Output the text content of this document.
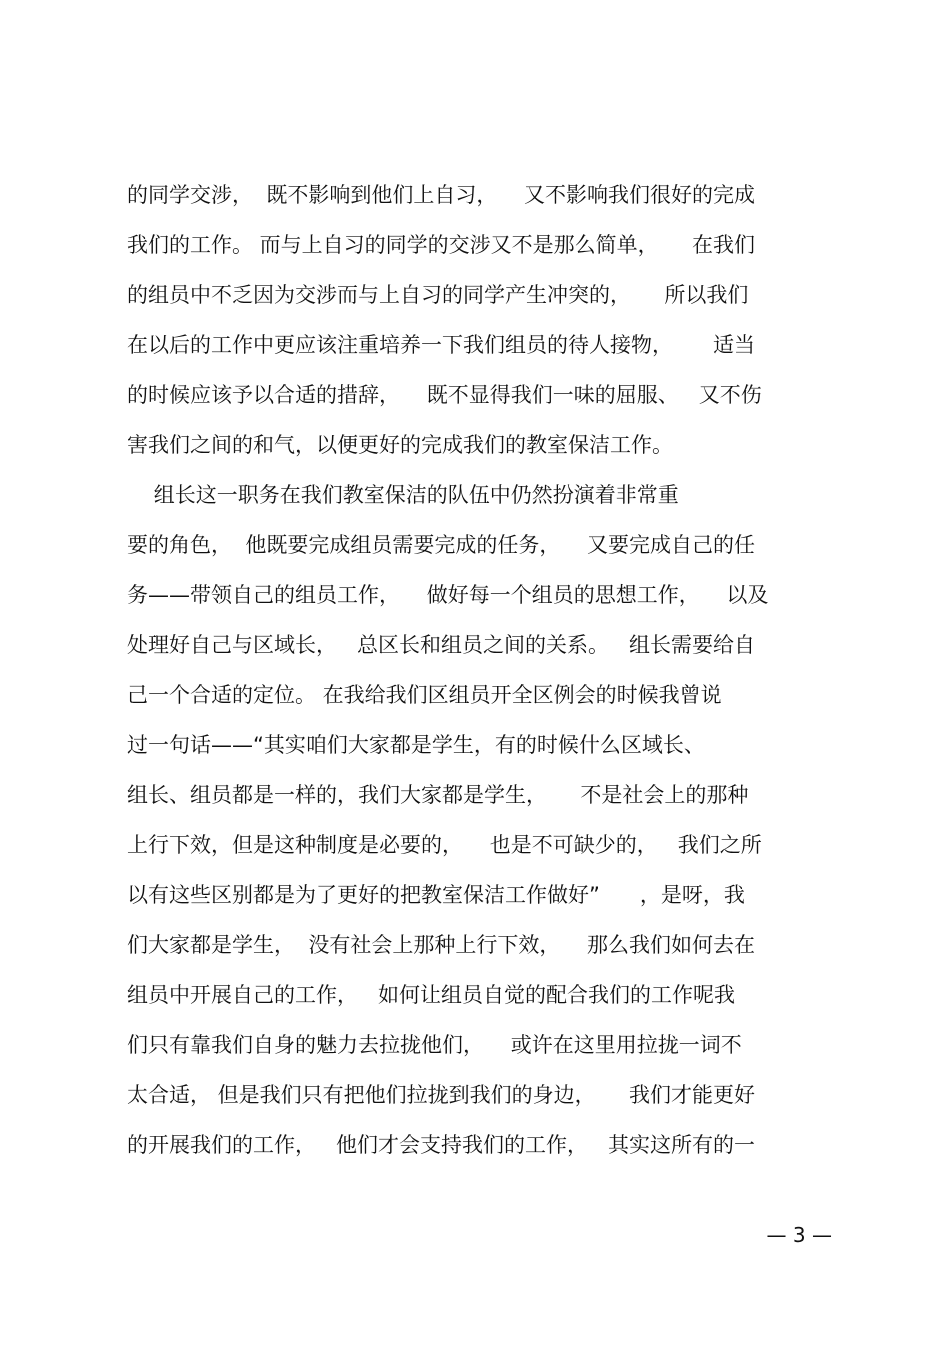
的同学交涉，  既不影响到他们上自习，    又不影响我们很好的完成
我们的工作。 而与上自习的同学的交涉又不是那么简单，     在我们
的组员中不乏因为交涉而与上自习的同学产生冲突的，     所以我们
在以后的工作中更应该注重培养一下我们组员的待人接物，      适当
的时候应该予以合适的措辞，    既不显得我们一味的屈服、   又不伤
害我们之间的和气，以便更好的完成我们的教室保洁工作。
组长这一职务在我们教室保洁的队伍中仍然扮演着非常重
要的角色，  他既要完成组员需要完成的任务，    又要完成自己的任
务——带领自己的组员工作，    做好每一个组员的思想工作，    以及
处理好自己与区域长，   总区长和组员之间的关系。   组长需要给自
己一个合适的定位。 在我给我们区组员开全区例会的时候我曾说
过一句话——“其实咱们大家都是学生，有的时候什么区域长、
组长、组员都是一样的，我们大家都是学生，     不是社会上的那种
上行下效，但是这种制度是必要的，    也是不可缺少的，   我们之所
以有这些区别都是为了更好的把教室保洁工作做好”      ，是呀，我
们大家都是学生，  没有社会上那种上行下效，    那么我们如何去在
组员中开展自己的工作，   如何让组员自觉的配合我们的工作呢我
们只有靠我们自身的魅力去拉拢他们，    或许在这里用拉拢一词不
太合适， 但是我们只有把他们拉拢到我们的身边，     我们才能更好
的开展我们的工作，   他们才会支持我们的工作，   其实这所有的一
— 3 —
